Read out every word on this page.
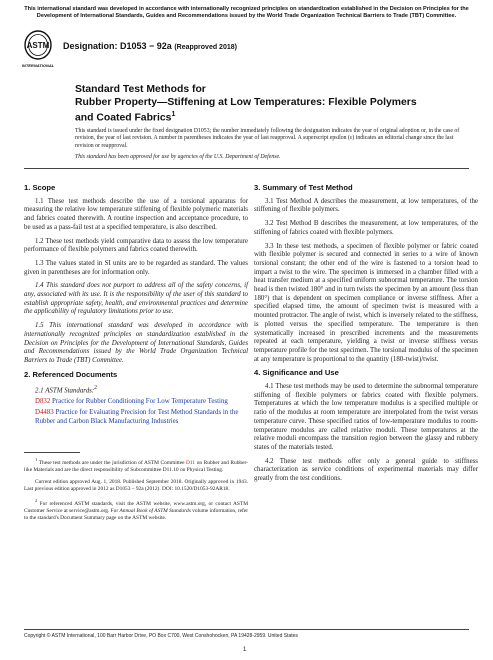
This international standard was developed in accordance with internationally recognized principles on standardization established in the Decision on Principles for the Development of International Standards, Guides and Recommendations issued by the World Trade Organization Technical Barriers to Trade (TBT) Committee.
ASTM
INTERNATIONAL
Designation: D1053 − 92a (Reapproved 2018)
Standard Test Methods for
Rubber Property—Stiffening at Low Temperatures: Flexible Polymers and Coated Fabrics$^1$
This standard is issued under the fixed designation D1053; the number immediately following the designation indicates the year of original adoption or, in the case of revision, the year of last revision. A number in parentheses indicates the year of last reapproval. A superscript epsilon (ε) indicates an editorial change since the last revision or reapproval.
This standard has been approved for use by agencies of the U.S. Department of Defense.
1. Scope

1.1 These test methods describe the use of a torsional apparatus for measuring the relative low temperature stiffening of flexible polymeric materials and fabrics coated therewith. A routine inspection and acceptance procedure, to be used as a pass-fail test at a specified temperature, is also described.

1.2 These test methods yield comparative data to assess the low temperature performance of flexible polymers and fabrics coated therewith.

1.3 The values stated in SI units are to be regarded as standard. The values given in parentheses are for information only.

1.4 This standard does not purport to address all of the safety concerns, if any, associated with its use. It is the responsibility of the user of this standard to establish appropriate safety, health, and environmental practices and determine the applicability of regulatory limitations prior to use.

1.5 This international standard was developed in accordance with internationally recognized principles on standardization established in the Decision on Principles for the Development of International Standards, Guides and Recommendations issued by the World Trade Organization Technical Barriers to Trade (TBT) Committee.

2. Referenced Documents
2.1 ASTM Standards:$^2$
D832 Practice for Rubber Conditioning For Low Temperature Testing
D4483 Practice for Evaluating Precision for Test Method Standards in the Rubber and Carbon Black Manufacturing Industries

$^1$ These test methods are under the jurisdiction of ASTM Committee D11 on Rubber and Rubber-like Materials and are the direct responsibility of Subcommittee D11.10 on Physical Testing.

Current edition approved Aug. 1, 2018. Published September 2018. Originally approved in 1943. Last previous edition approved in 2012 as D1053 – 92a (2012). DOI: 10.1520/D1053-92AR18.

$^2$ For referenced ASTM standards, visit the ASTM website, www.astm.org, or contact ASTM Customer Service at service@astm.org. For Annual Book of ASTM Standards volume information, refer to the standard's Document Summary page on the ASTM website.

3. Summary of Test Method

3.1 Test Method A describes the measurement, at low temperatures, of the stiffening of flexible polymers.

3.2 Test Method B describes the measurement, at low temperatures, of the stiffening of fabrics coated with flexible polymers.

3.3 In these test methods, a specimen of flexible polymer or fabric coated with flexible polymer is secured and connected in series to a wire of known torsional constant; the other end of the wire is fastened to a torsion head to impart a twist to the wire. The specimen is immersed in a chamber filled with a heat transfer medium at a specified uniform subnormal temperature. The torsion head is then twisted 180° and in turn twists the specimen by an amount (less than 180°) that is dependent on specimen compliance or inverse stiffness. After a specified elapsed time, the amount of specimen twist is measured with a mounted protractor. The angle of twist, which is inversely related to the stiffness, is plotted versus the specified temperature. The temperature is then systematically increased in prescribed increments and the measurements repeated at each temperature, yielding a twist or inverse stiffness versus temperature profile for the test specimen. The torsional modulus of the specimen at any temperature is proportional to the quantity (180-twist)/twist.

4. Significance and Use

4.1 These test methods may be used to determine the subnormal temperature stiffening of flexible polymers or fabrics coated with flexible polymers. Temperatures at which the low temperature modulus is a specified multiple or ratio of the modulus at room temperature are interpolated from the twist versus temperature curve. These specified ratios of low-temperature modulus to room-temperature modulus are called relative moduli. These temperatures at the relative moduli encompass the transition region between the glassy and rubbery states of the materials tested.

4.2 These test methods offer only a general guide to stiffness characterization as service conditions of experimental materials may differ greatly from the test conditions.

Copyright © ASTM International, 100 Barr Harbor Drive, PO Box C700, West Conshohocken, PA 19428-2959. United States
1
